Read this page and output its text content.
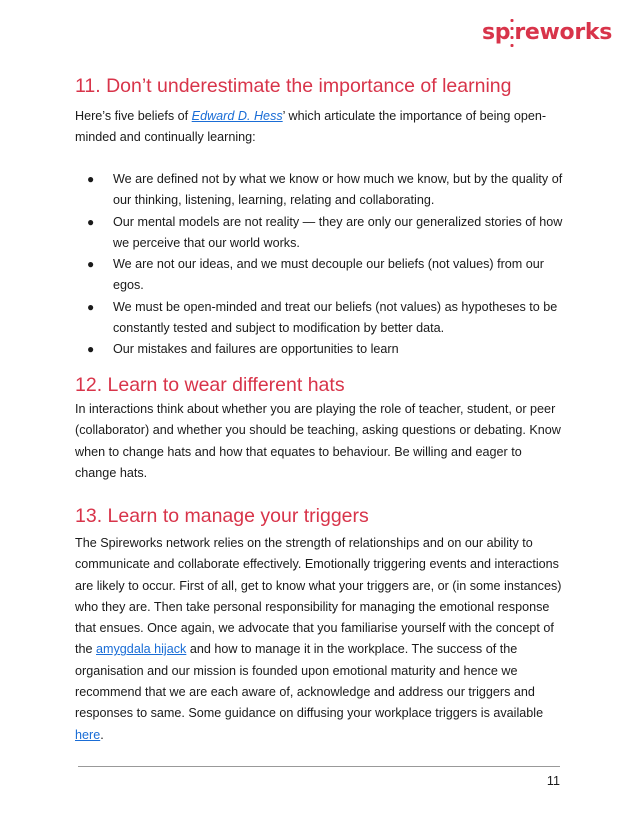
sp  reworks
11. Don’t underestimate the importance of learning

Here’s five beliefs of Edward D. Hess’ which articulate the importance of being open-minded and continually learning:

● We are defined not by what we know or how much we know, but by the quality of our thinking, listening, learning, relating and collaborating.
● Our mental models are not reality — they are only our generalized stories of how we perceive that our world works.
● We are not our ideas, and we must decouple our beliefs (not values) from our egos.
● We must be open-minded and treat our beliefs (not values) as hypotheses to be constantly tested and subject to modification by better data.
● Our mistakes and failures are opportunities to learn
12. Learn to wear different hats

In interactions think about whether you are playing the role of teacher, student, or peer (collaborator) and whether you should be teaching, asking questions or debating. Know when to change hats and how that equates to behaviour. Be willing and eager to change hats.

13. Learn to manage your triggers

The Spireworks network relies on the strength of relationships and on our ability to communicate and collaborate effectively. Emotionally triggering events and interactions are likely to occur. First of all, get to know what your triggers are, or (in some instances) who they are. Then take personal responsibility for managing the emotional response that ensues. Once again, we advocate that you familiarise yourself with the concept of the amygdala hijack and how to manage it in the workplace. The success of the organisation and our mission is founded upon emotional maturity and hence we recommend that we are each aware of, acknowledge and address our triggers and responses to same. Some guidance on diffusing your workplace triggers is available here.

11
